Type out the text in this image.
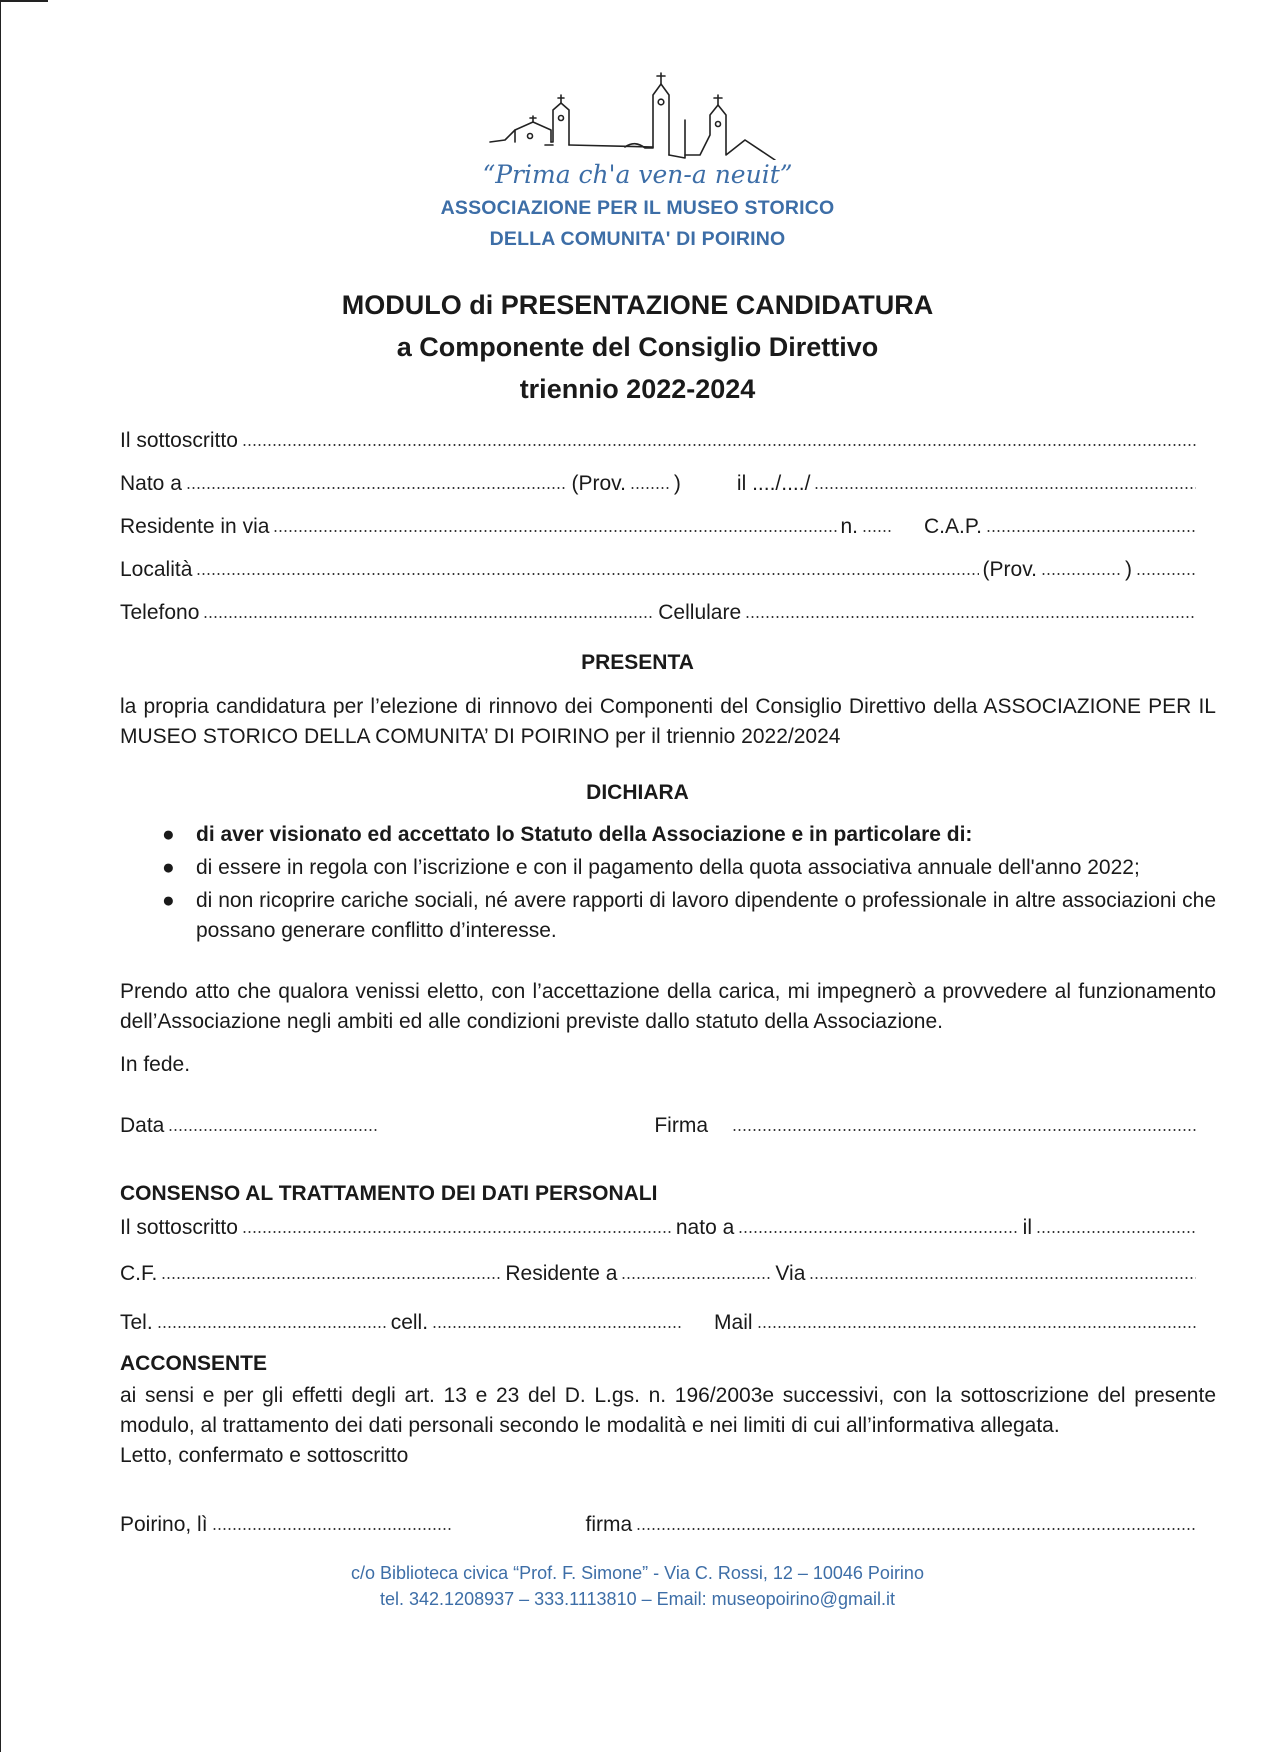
“Prima ch'a ven-a neuit”
ASSOCIAZIONE PER IL MUSEO STORICO
DELLA COMUNITA' DI POIRINO
MODULO di PRESENTAZIONE CANDIDATURA
a Componente del Consiglio Direttivo
triennio 2022-2024
Il sottoscritto
Nato a	(Prov. )	il ..../..../
Residente in via	n.	C.A.P.
Località	(Prov.	)
Telefono	Cellulare
PRESENTA
la propria candidatura per l’elezione di rinnovo dei Componenti del Consiglio Direttivo della ASSOCIAZIONE PER IL MUSEO STORICO DELLA COMUNITA’ DI POIRINO per il triennio 2022/2024
DICHIARA
● di aver visionato ed accettato lo Statuto della Associazione e in particolare di:
● di essere in regola con l’iscrizione e con il pagamento della quota associativa annuale dell'anno 2022;
● di non ricoprire cariche sociali, né avere rapporti di lavoro dipendente o professionale in altre associazioni che possano generare conflitto d’interesse.
Prendo atto che qualora venissi eletto, con l’accettazione della carica, mi impegnerò a provvedere al funzionamento dell’Associazione negli ambiti ed alle condizioni previste dallo statuto della Associazione.
In fede.
Data	Firma
CONSENSO AL TRATTAMENTO DEI DATI PERSONALI
Il sottoscritto	nato a	il
C.F.	Residente a	Via
Tel.	cell.	Mail
ACCONSENTE
ai sensi e per gli effetti degli art. 13 e 23 del D. L.gs. n. 196/2003e successivi, con la sottoscrizione del presente modulo, al trattamento dei dati personali secondo le modalità e nei limiti di cui all’informativa allegata.
Letto, confermato e sottoscritto
Poirino, lì	firma
c/o Biblioteca civica “Prof. F. Simone” - Via C. Rossi, 12 – 10046 Poirino
tel. 342.1208937 – 333.1113810 – Email: museopoirino@gmail.it
